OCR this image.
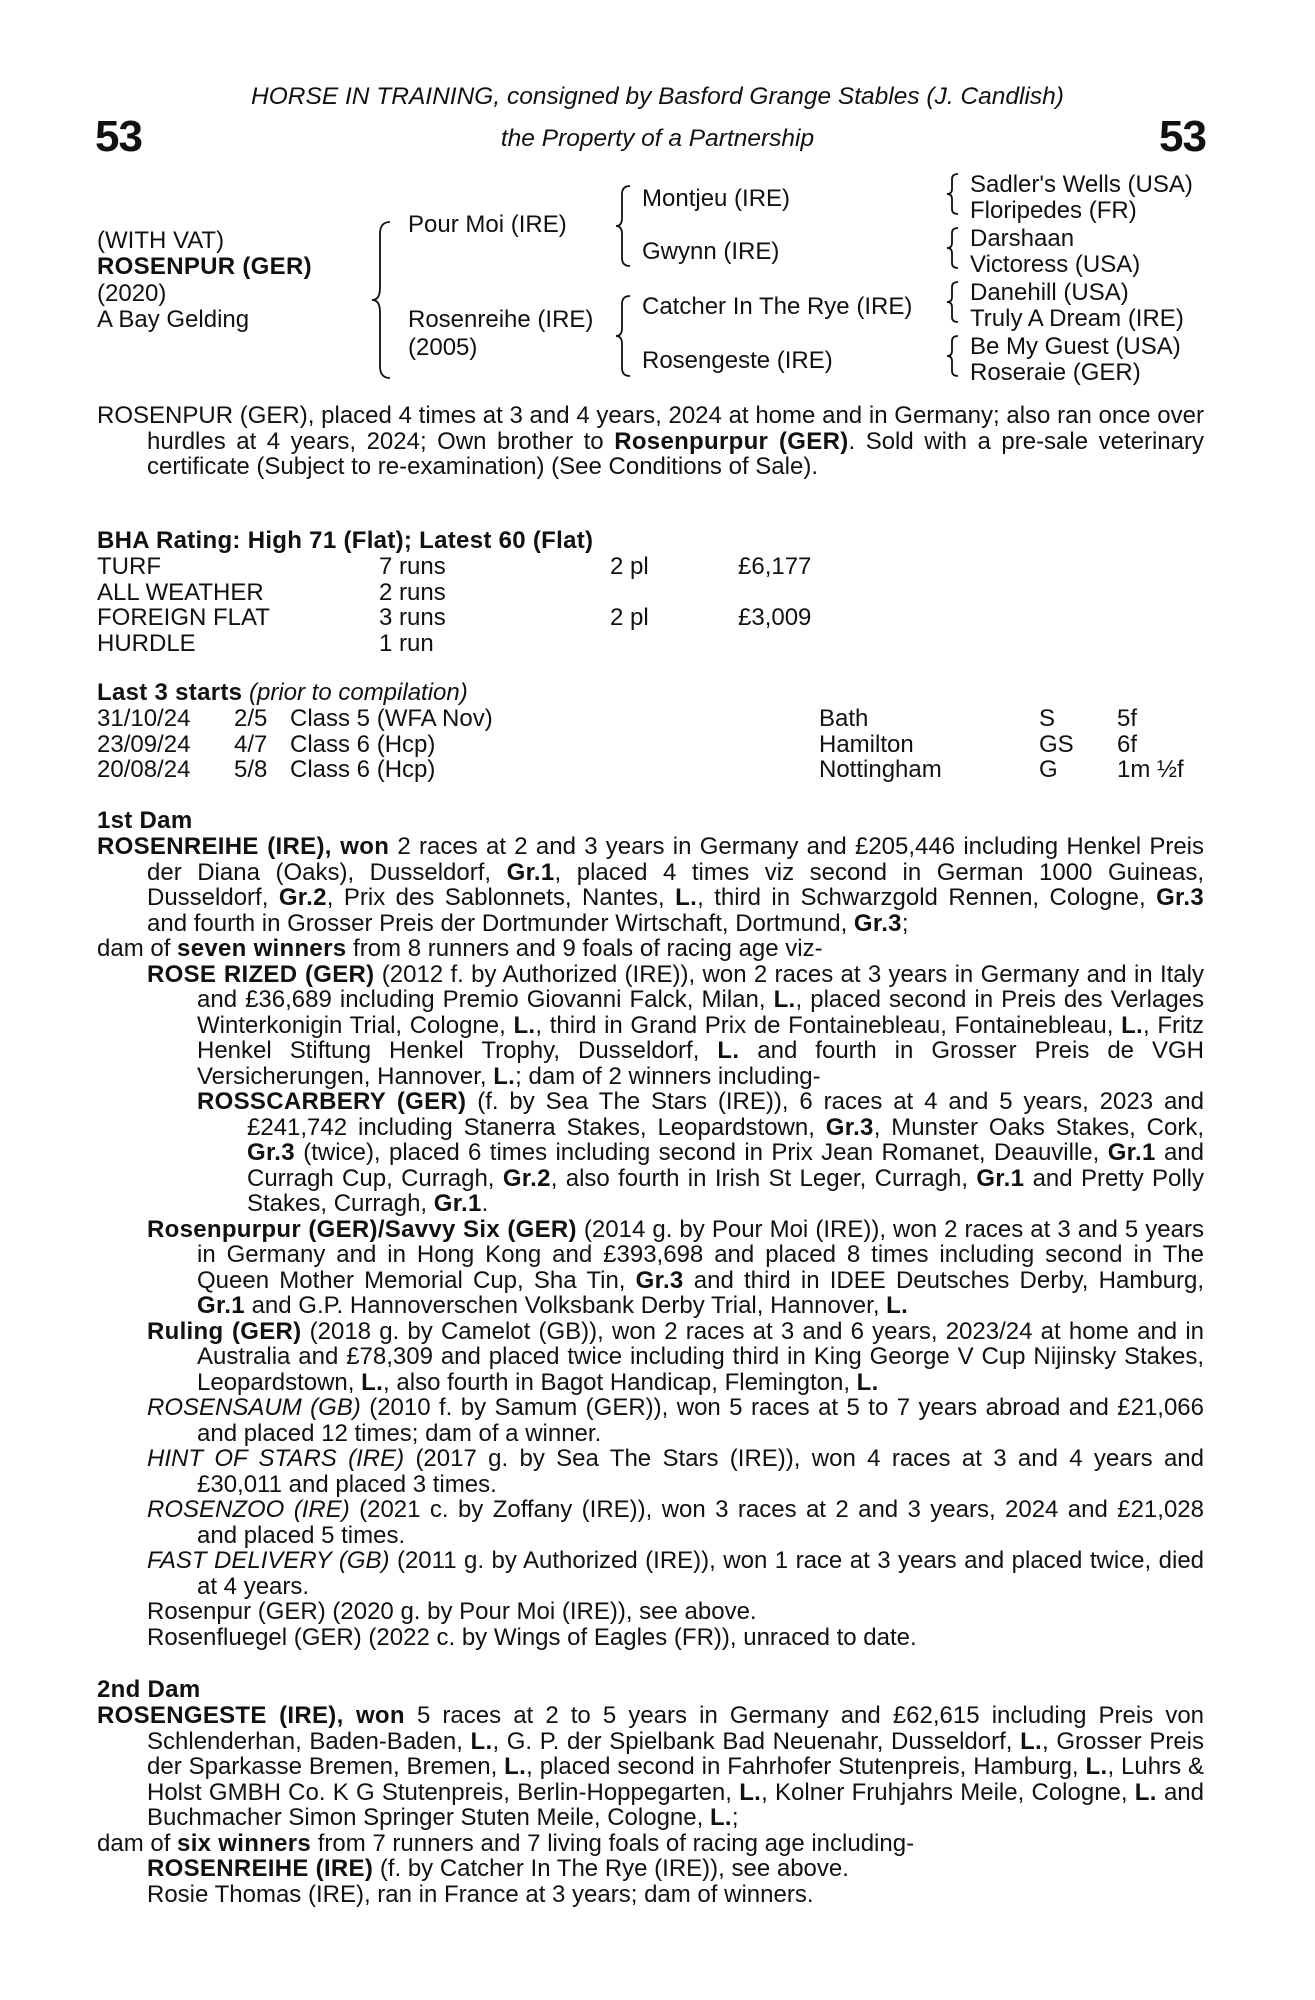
53	53
HORSE IN TRAINING, consigned by Basford Grange Stables (J. Candlish)
the Property of a Partnership
(WITH VAT)
ROSENPUR (GER)
(2020)
A Bay Gelding
Pour Moi (IRE)
Rosenreihe (IRE)
(2005)
Montjeu (IRE)
Gwynn (IRE)
Catcher In The Rye (IRE)
Rosengeste (IRE)
Sadler's Wells (USA)
Floripedes (FR)
Darshaan
Victoress (USA)
Danehill (USA)
Truly A Dream (IRE)
Be My Guest (USA)
Roseraie (GER)
ROSENPUR (GER), placed 4 times at 3 and 4 years, 2024 at home and in Germany; also ran once over hurdles at 4 years, 2024; Own brother to Rosenpurpur (GER). Sold with a pre-sale veterinary certificate (Subject to re-examination) (See Conditions of Sale).
BHA Rating: High 71 (Flat); Latest 60 (Flat)
TURF	7 runs	2 pl	£6,177
ALL WEATHER	2 runs
FOREIGN FLAT	3 runs	2 pl	£3,009
HURDLE	1 run
Last 3 starts (prior to compilation)
31/10/24 2/5 Class 5 (WFA Nov)	Bath	S	5f
23/09/24 4/7 Class 6 (Hcp)	Hamilton	GS 6f
20/08/24 5/8 Class 6 (Hcp)	Nottingham	G 1m ½f
1st Dam
ROSENREIHE (IRE), won 2 races at 2 and 3 years in Germany and £205,446 including Henkel Preis der Diana (Oaks), Dusseldorf, Gr.1, placed 4 times viz second in German 1000 Guineas, Dusseldorf, Gr.2, Prix des Sablonnets, Nantes, L., third in Schwarzgold Rennen, Cologne, Gr.3 and fourth in Grosser Preis der Dortmunder Wirtschaft, Dortmund, Gr.3;
dam of seven winners from 8 runners and 9 foals of racing age viz-
ROSE RIZED (GER) (2012 f. by Authorized (IRE)), won 2 races at 3 years in Germany and in Italy and £36,689 including Premio Giovanni Falck, Milan, L., placed second in Preis des Verlages Winterkonigin Trial, Cologne, L., third in Grand Prix de Fontainebleau, Fontainebleau, L., Fritz Henkel Stiftung Henkel Trophy, Dusseldorf, L. and fourth in Grosser Preis de VGH Versicherungen, Hannover, L.; dam of 2 winners including-
ROSSCARBERY (GER) (f. by Sea The Stars (IRE)), 6 races at 4 and 5 years, 2023 and £241,742 including Stanerra Stakes, Leopardstown, Gr.3, Munster Oaks Stakes, Cork, Gr.3 (twice), placed 6 times including second in Prix Jean Romanet, Deauville, Gr.1 and Curragh Cup, Curragh, Gr.2, also fourth in Irish St Leger, Curragh, Gr.1 and Pretty Polly Stakes, Curragh, Gr.1.
Rosenpurpur (GER)/Savvy Six (GER) (2014 g. by Pour Moi (IRE)), won 2 races at 3 and 5 years in Germany and in Hong Kong and £393,698 and placed 8 times including second in The Queen Mother Memorial Cup, Sha Tin, Gr.3 and third in IDEE Deutsches Derby, Hamburg, Gr.1 and G.P. Hannoverschen Volksbank Derby Trial, Hannover, L.
Ruling (GER) (2018 g. by Camelot (GB)), won 2 races at 3 and 6 years, 2023/24 at home and in Australia and £78,309 and placed twice including third in King George V Cup Nijinsky Stakes, Leopardstown, L., also fourth in Bagot Handicap, Flemington, L.
ROSENSAUM (GB) (2010 f. by Samum (GER)), won 5 races at 5 to 7 years abroad and £21,066 and placed 12 times; dam of a winner.
HINT OF STARS (IRE) (2017 g. by Sea The Stars (IRE)), won 4 races at 3 and 4 years and £30,011 and placed 3 times.
ROSENZOO (IRE) (2021 c. by Zoffany (IRE)), won 3 races at 2 and 3 years, 2024 and £21,028 and placed 5 times.
FAST DELIVERY (GB) (2011 g. by Authorized (IRE)), won 1 race at 3 years and placed twice, died at 4 years.
Rosenpur (GER) (2020 g. by Pour Moi (IRE)), see above.
Rosenfluegel (GER) (2022 c. by Wings of Eagles (FR)), unraced to date.
2nd Dam
ROSENGESTE (IRE), won 5 races at 2 to 5 years in Germany and £62,615 including Preis von Schlenderhan, Baden-Baden, L., G. P. der Spielbank Bad Neuenahr, Dusseldorf, L., Grosser Preis der Sparkasse Bremen, Bremen, L., placed second in Fahrhofer Stutenpreis, Hamburg, L., Luhrs & Holst GMBH Co. K G Stutenpreis, Berlin-Hoppegarten, L., Kolner Fruhjahrs Meile, Cologne, L. and Buchmacher Simon Springer Stuten Meile, Cologne, L.;
dam of six winners from 7 runners and 7 living foals of racing age including-
ROSENREIHE (IRE) (f. by Catcher In The Rye (IRE)), see above.
Rosie Thomas (IRE), ran in France at 3 years; dam of winners.
